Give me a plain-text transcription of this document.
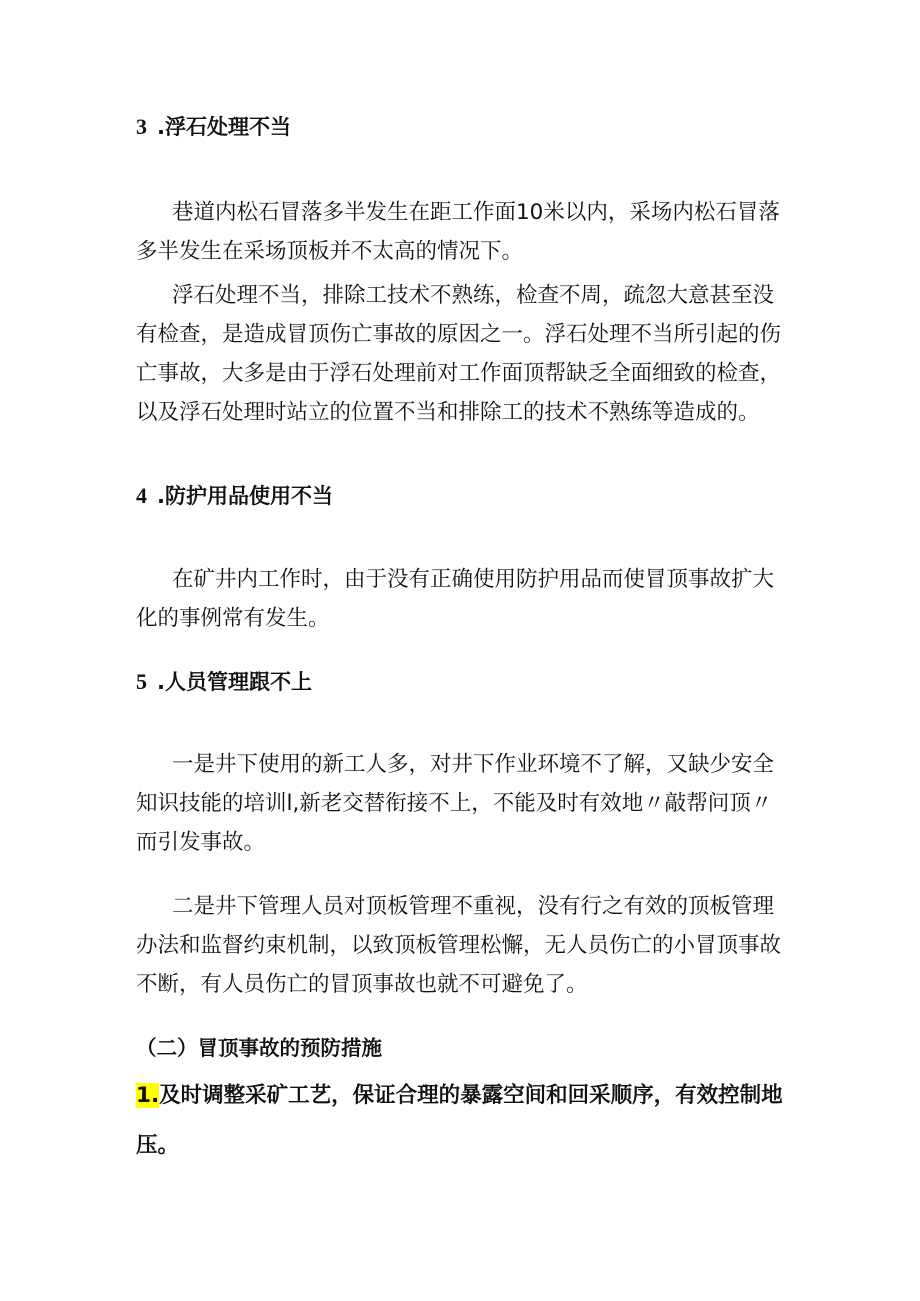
3 .浮石处理不当

巷道内松石冒落多半发生在距工作面10米以内，采场内松石冒落多半发生在采场顶板并不太高的情况下。

浮石处理不当，排除工技术不熟练，检查不周，疏忽大意甚至没有检查，是造成冒顶伤亡事故的原因之一。浮石处理不当所引起的伤亡事故，大多是由于浮石处理前对工作面顶帮缺乏全面细致的检查，以及浮石处理时站立的位置不当和排除工的技术不熟练等造成的。

4 .防护用品使用不当

在矿井内工作时，由于没有正确使用防护用品而使冒顶事故扩大化的事例常有发生。

5 .人员管理跟不上

一是井下使用的新工人多，对井下作业环境不了解，又缺少安全知识技能的培训l,新老交替衔接不上，不能及时有效地〃敲帮问顶〃而引发事故。

二是井下管理人员对顶板管理不重视，没有行之有效的顶板管理办法和监督约束机制，以致顶板管理松懈，无人员伤亡的小冒顶事故不断，有人员伤亡的冒顶事故也就不可避免了。

（二）冒顶事故的预防措施

1.及时调整采矿工艺，保证合理的暴露空间和回采顺序，有效控制地压。
